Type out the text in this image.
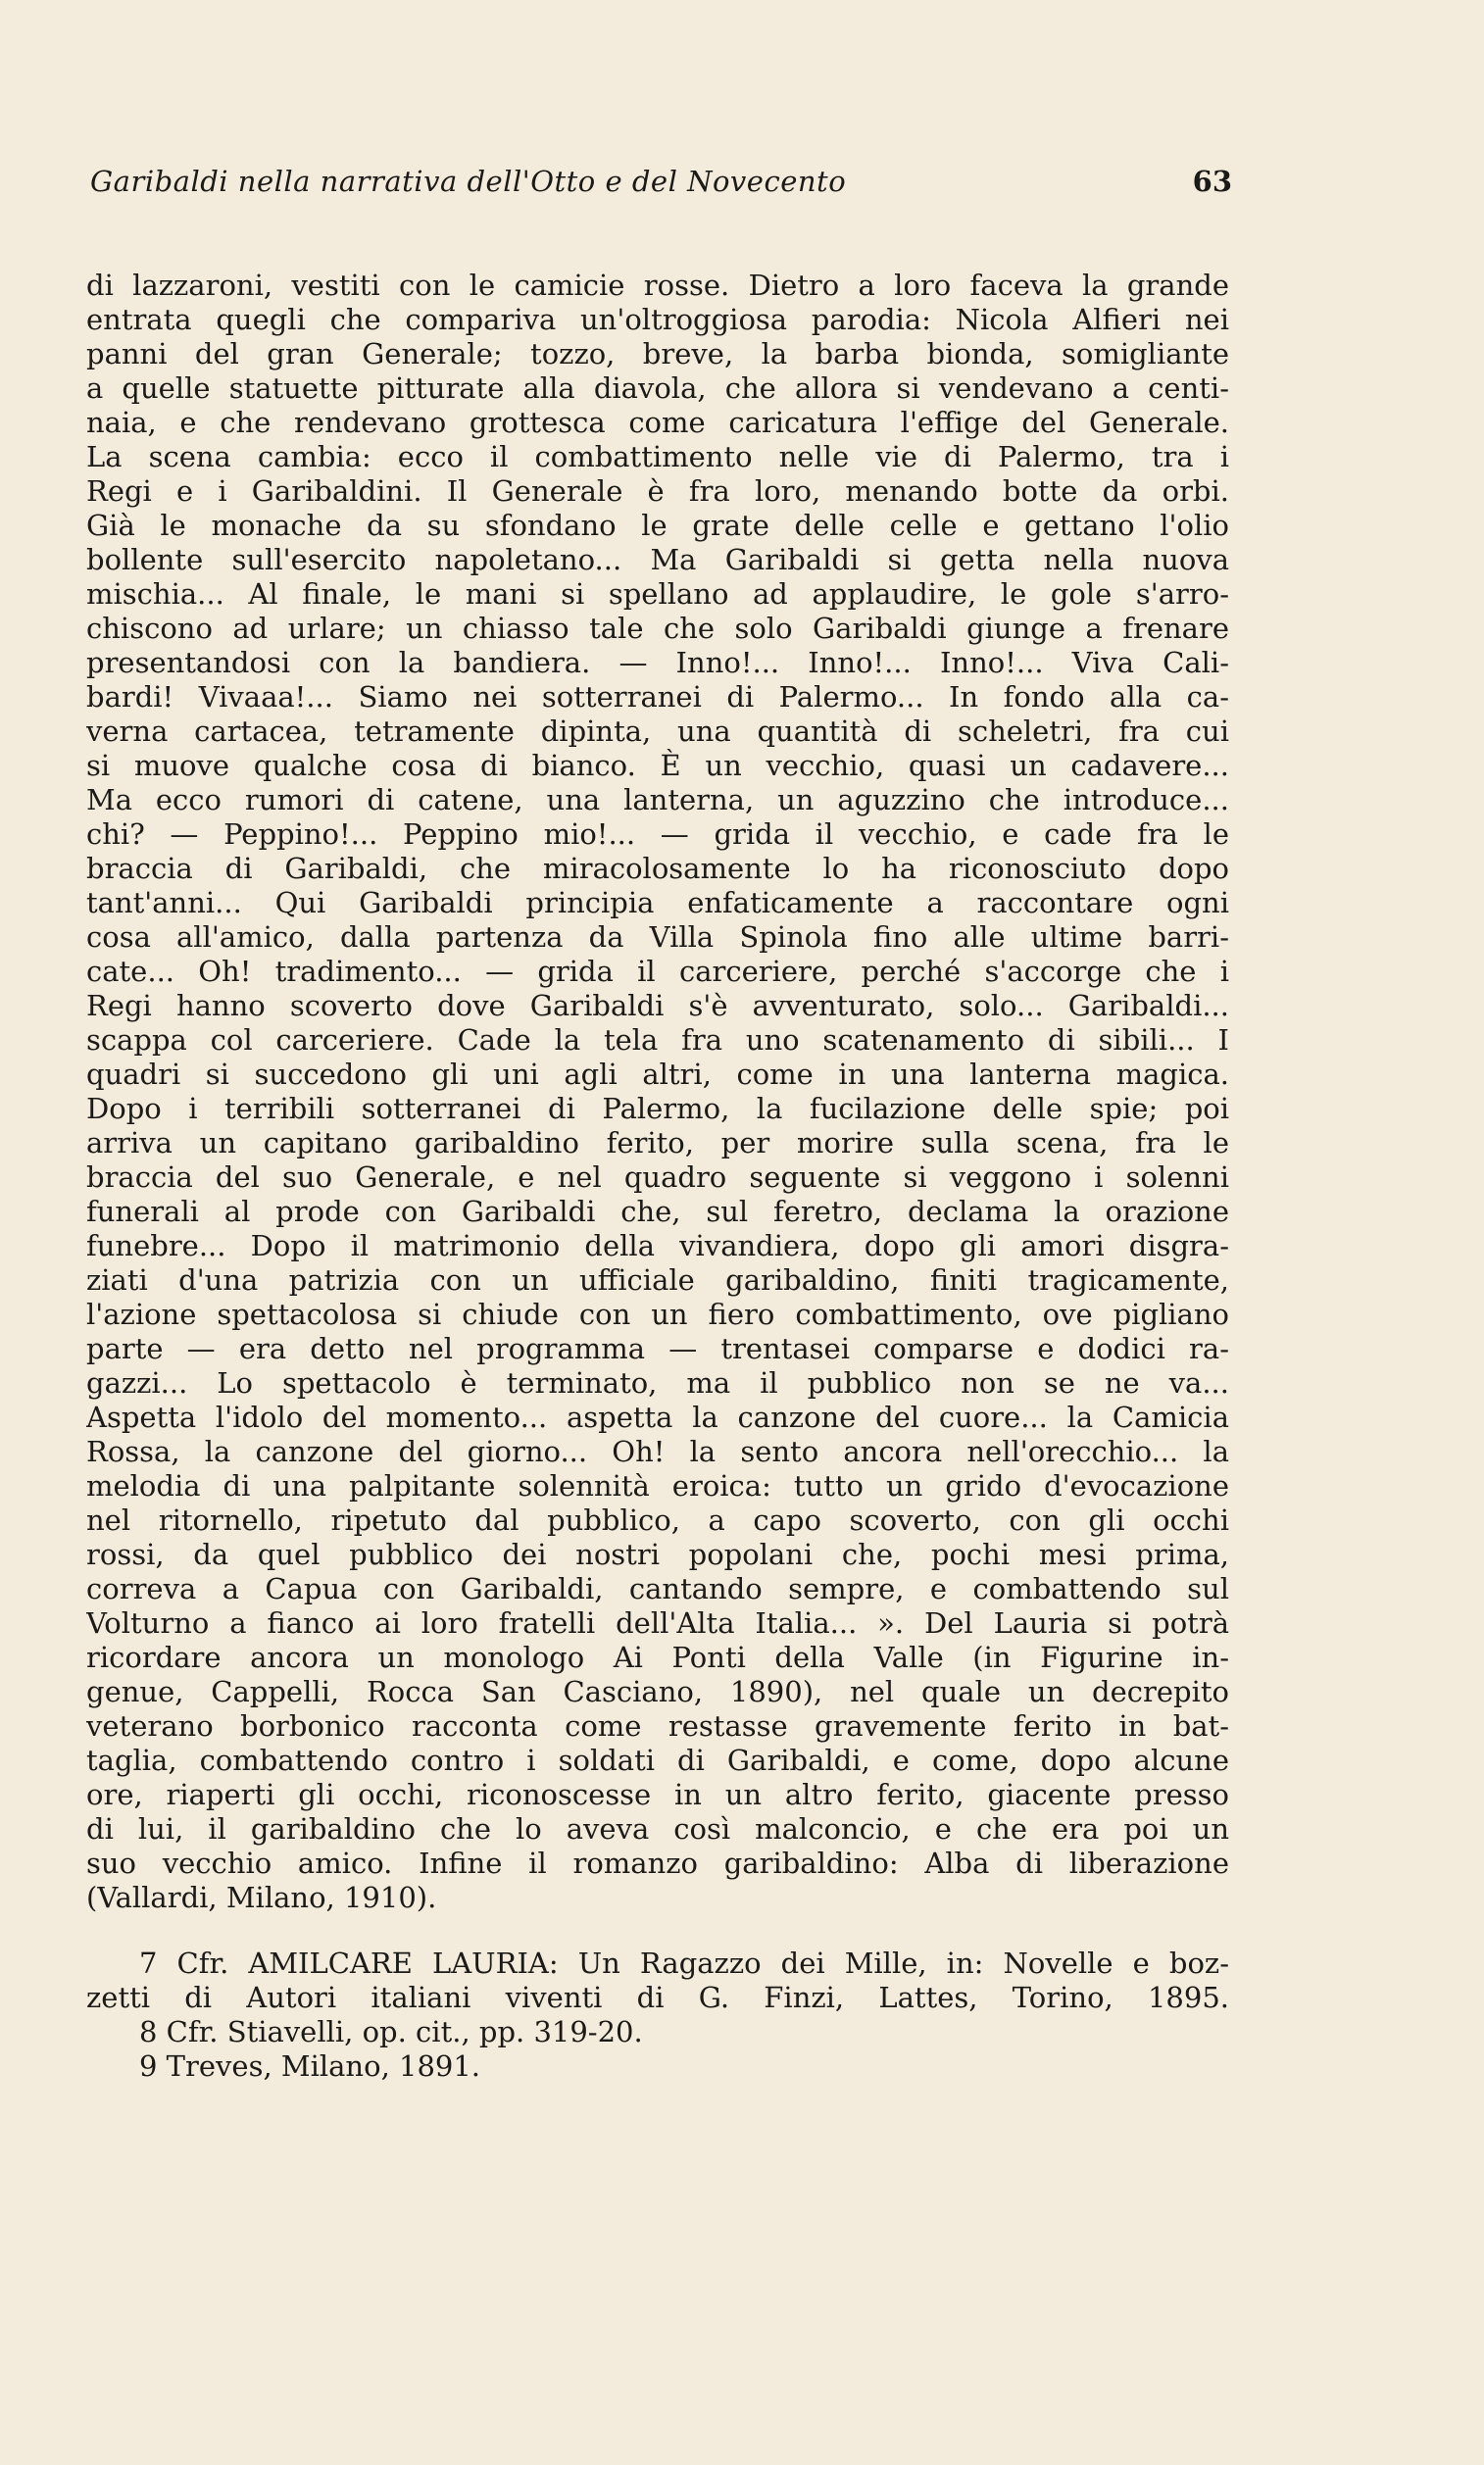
Garibaldi nella narrativa dell'Otto e del Novecento	63
di lazzaroni, vestiti con le camicie rosse. Dietro a loro faceva la grande
entrata quegli che compariva un'oltroggiosa parodia: Nicola Alfieri nei
panni del gran Generale; tozzo, breve, la barba bionda, somigliante
a quelle statuette pitturate alla diavola, che allora si vendevano a centi-
naia, e che rendevano grottesca come caricatura l'effige del Generale.
La scena cambia: ecco il combattimento nelle vie di Palermo, tra i
Regi e i Garibaldini. Il Generale è fra loro, menando botte da orbi.
Già le monache da su sfondano le grate delle celle e gettano l'olio
bollente sull'esercito napoletano... Ma Garibaldi si getta nella nuova
mischia... Al finale, le mani si spellano ad applaudire, le gole s'arro-
chiscono ad urlare; un chiasso tale che solo Garibaldi giunge a frenare
presentandosi con la bandiera. — Inno!... Inno!... Inno!... Viva Cali-
bardi! Vivaaa!... Siamo nei sotterranei di Palermo... In fondo alla ca-
verna cartacea, tetramente dipinta, una quantità di scheletri, fra cui
si muove qualche cosa di bianco. È un vecchio, quasi un cadavere...
Ma ecco rumori di catene, una lanterna, un aguzzino che introduce...
chi? — Peppino!... Peppino mio!... — grida il vecchio, e cade fra le
braccia di Garibaldi, che miracolosamente lo ha riconosciuto dopo
tant'anni... Qui Garibaldi principia enfaticamente a raccontare ogni
cosa all'amico, dalla partenza da Villa Spinola fino alle ultime barri-
cate... Oh! tradimento... — grida il carceriere, perché s'accorge che i
Regi hanno scoverto dove Garibaldi s'è avventurato, solo... Garibaldi...
scappa col carceriere. Cade la tela fra uno scatenamento di sibili... I
quadri si succedono gli uni agli altri, come in una lanterna magica.
Dopo i terribili sotterranei di Palermo, la fucilazione delle spie; poi
arriva un capitano garibaldino ferito, per morire sulla scena, fra le
braccia del suo Generale, e nel quadro seguente si veggono i solenni
funerali al prode con Garibaldi che, sul feretro, declama la orazione
funebre... Dopo il matrimonio della vivandiera, dopo gli amori disgra-
ziati d'una patrizia con un ufficiale garibaldino, finiti tragicamente,
l'azione spettacolosa si chiude con un fiero combattimento, ove pigliano
parte — era detto nel programma — trentasei comparse e dodici ra-
gazzi... Lo spettacolo è terminato, ma il pubblico non se ne va...
Aspetta l'idolo del momento... aspetta la canzone del cuore... la Camicia
Rossa, la canzone del giorno... Oh! la sento ancora nell'orecchio... la
melodia di una palpitante solennità eroica: tutto un grido d'evocazione
nel ritornello, ripetuto dal pubblico, a capo scoverto, con gli occhi
rossi, da quel pubblico dei nostri popolani che, pochi mesi prima,
correva a Capua con Garibaldi, cantando sempre, e combattendo sul
Volturno a fianco ai loro fratelli dell'Alta Italia... ». Del Lauria si potrà
ricordare ancora un monologo Ai Ponti della Valle (in Figurine in-
genue, Cappelli, Rocca San Casciano, 1890), nel quale un decrepito
veterano borbonico racconta come restasse gravemente ferito in bat-
taglia, combattendo contro i soldati di Garibaldi, e come, dopo alcune
ore, riaperti gli occhi, riconoscesse in un altro ferito, giacente presso
di lui, il garibaldino che lo aveva così malconcio, e che era poi un
suo vecchio amico. Infine il romanzo garibaldino: Alba di liberazione
(Vallardi, Milano, 1910).
7 Cfr. AMILCARE LAURIA: Un Ragazzo dei Mille, in: Novelle e boz-
zetti di Autori italiani viventi di G. Finzi, Lattes, Torino, 1895.
8 Cfr. Stiavelli, op. cit., pp. 319-20.
9 Treves, Milano, 1891.
